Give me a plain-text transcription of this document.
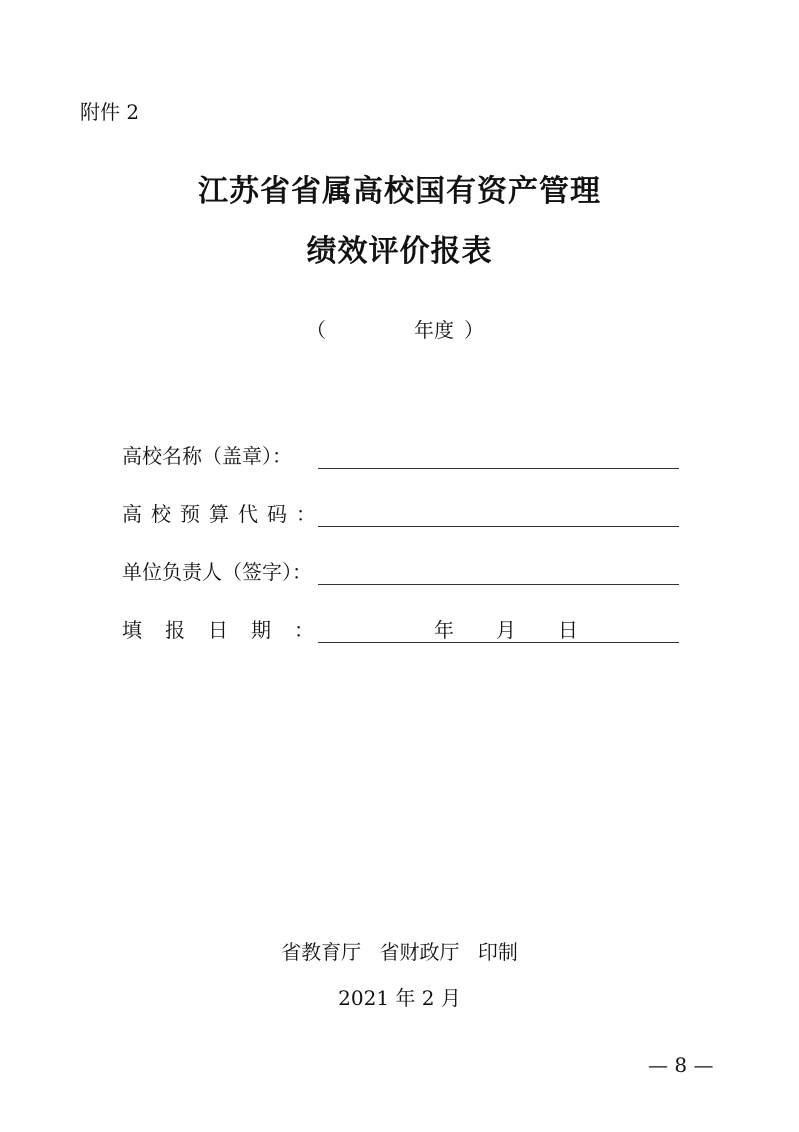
附件 2
江苏省省属高校国有资产管理
绩效评价报表
（	年度 ）
高校名称（盖章）：
高校预算代码：
单位负责人（签字）：
填报日期：	年 月 日
省教育厅 省财政厅 印制
2021 年 2 月
— 8 —
